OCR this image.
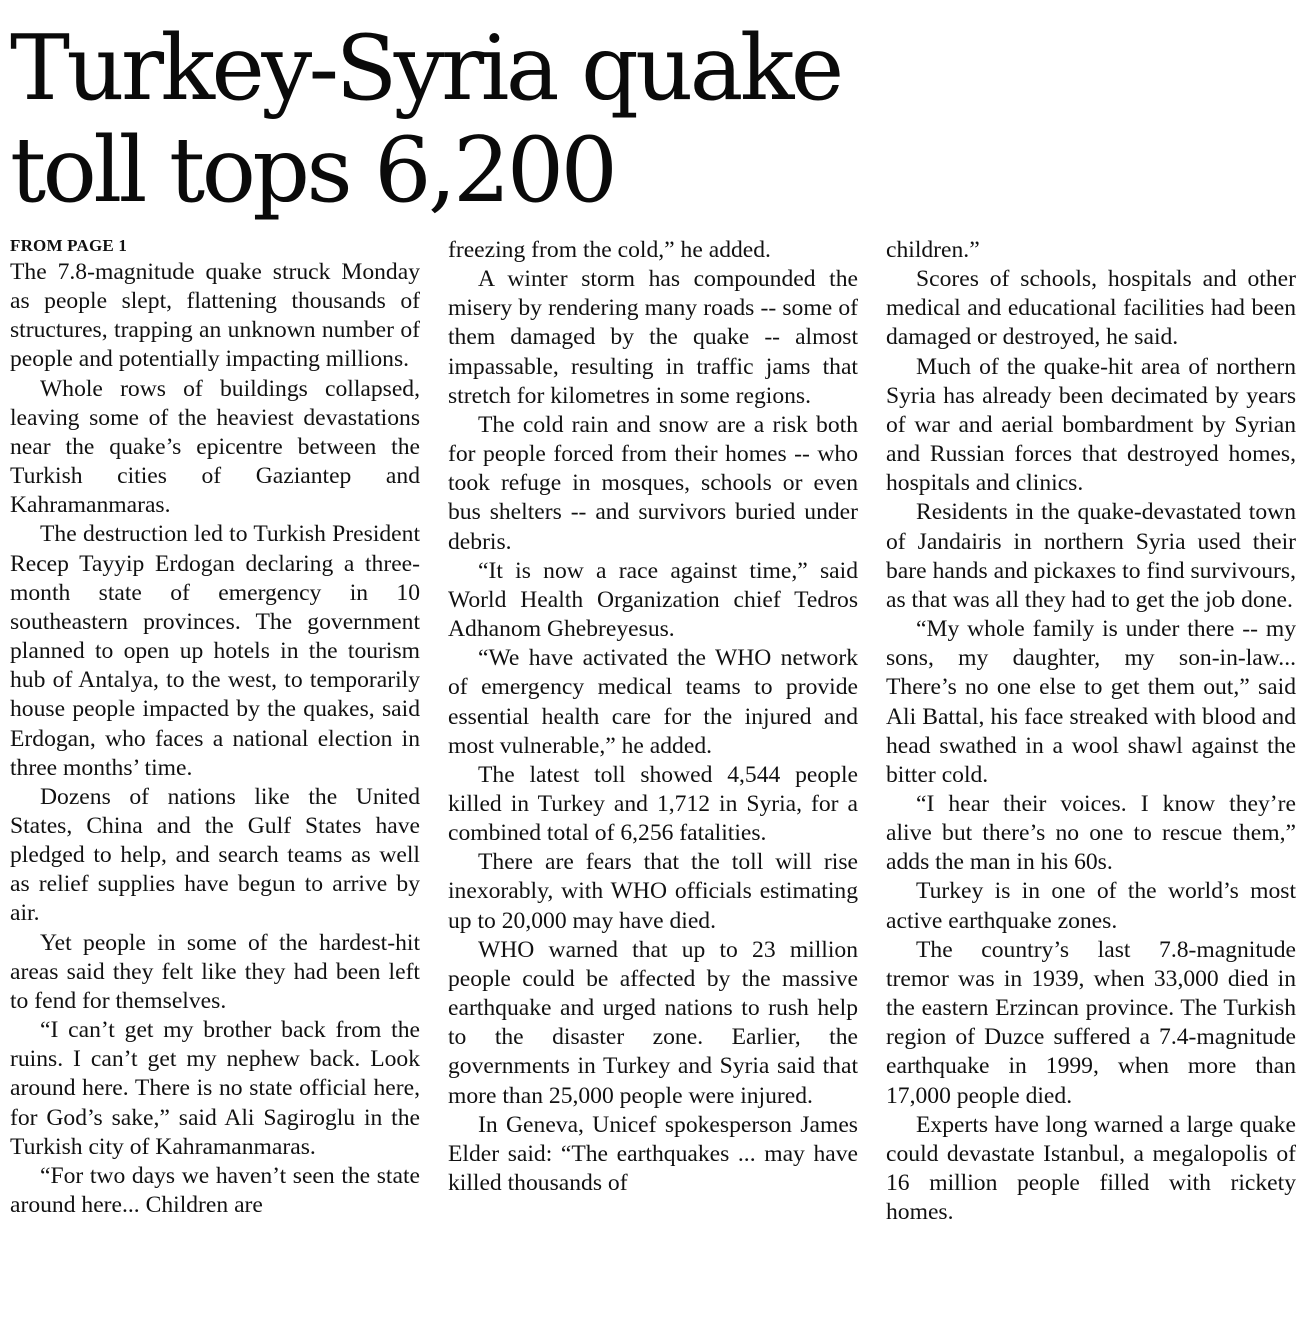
Turkey-Syria quake
toll tops 6,200
FROM PAGE 1

The 7.8-magnitude quake struck Monday as people slept, flattening thousands of structures, trapping an unknown number of people and potentially impacting millions.

Whole rows of buildings collapsed, leaving some of the heaviest devastations near the quake’s epicentre between the Turkish cities of Gaziantep and Kahramanmaras.

The destruction led to Turkish President Recep Tayyip Erdogan declaring a three-month state of emergency in 10 southeastern provinces. The government planned to open up hotels in the tourism hub of Antalya, to the west, to temporarily house people impacted by the quakes, said Erdogan, who faces a national election in three months’ time.

Dozens of nations like the United States, China and the Gulf States have pledged to help, and search teams as well as relief supplies have begun to arrive by air.

Yet people in some of the hardest-hit areas said they felt like they had been left to fend for themselves.

“I can’t get my brother back from the ruins. I can’t get my nephew back. Look around here. There is no state official here, for God’s sake,” said Ali Sagiroglu in the Turkish city of Kahramanmaras.

“For two days we haven’t seen the state around here... Children are

freezing from the cold,” he added.

A winter storm has compounded the misery by rendering many roads -- some of them damaged by the quake -- almost impassable, resulting in traffic jams that stretch for kilometres in some regions.

The cold rain and snow are a risk both for people forced from their homes -- who took refuge in mosques, schools or even bus shelters -- and survivors buried under debris.

“It is now a race against time,” said World Health Organization chief Tedros Adhanom Ghebreyesus.

“We have activated the WHO network of emergency medical teams to provide essential health care for the injured and most vulnerable,” he added.

The latest toll showed 4,544 people killed in Turkey and 1,712 in Syria, for a combined total of 6,256 fatalities.

There are fears that the toll will rise inexorably, with WHO officials estimating up to 20,000 may have died.

WHO warned that up to 23 million people could be affected by the massive earthquake and urged nations to rush help to the disaster zone. Earlier, the governments in Turkey and Syria said that more than 25,000 people were injured.

In Geneva, Unicef spokesperson James Elder said: “The earthquakes ... may have killed thousands of

children.”

Scores of schools, hospitals and other medical and educational facilities had been damaged or destroyed, he said.

Much of the quake-hit area of northern Syria has already been decimated by years of war and aerial bombardment by Syrian and Russian forces that destroyed homes, hospitals and clinics.

Residents in the quake-devastated town of Jandairis in northern Syria used their bare hands and pickaxes to find survivours, as that was all they had to get the job done.

“My whole family is under there -- my sons, my daughter, my son-in-law... There’s no one else to get them out,” said Ali Battal, his face streaked with blood and head swathed in a wool shawl against the bitter cold.

“I hear their voices. I know they’re alive but there’s no one to rescue them,” adds the man in his 60s.

Turkey is in one of the world’s most active earthquake zones.

The country’s last 7.8-magnitude tremor was in 1939, when 33,000 died in the eastern Erzincan province. The Turkish region of Duzce suffered a 7.4-magnitude earthquake in 1999, when more than 17,000 people died.

Experts have long warned a large quake could devastate Istanbul, a megalopolis of 16 million people filled with rickety homes.
